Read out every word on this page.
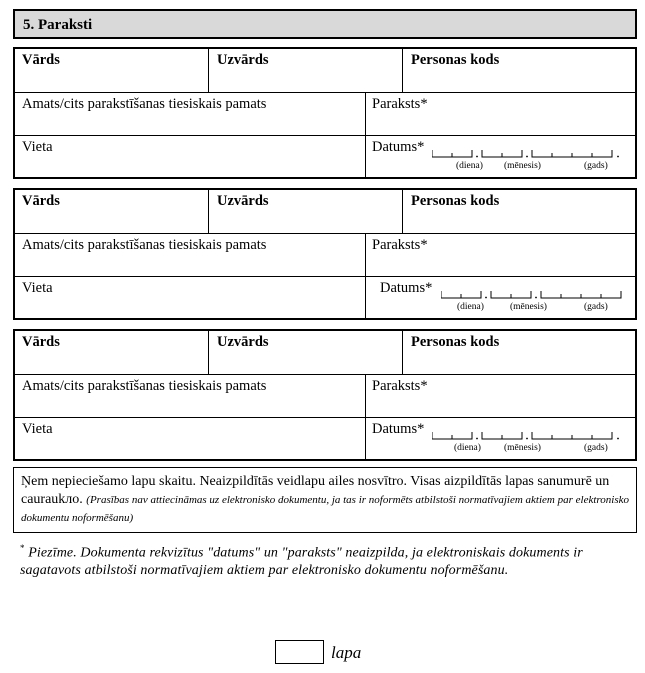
5. Paraksti
Vārds	Uzvārds	Personas kods
Amats/cits parakstīšanas tiesiskais pamats	Paraksts*
Vieta	Datums*
(diena) (mēnesis)	(gads)
Vārds	Uzvārds	Personas kods
Amats/cits parakstīšanas tiesiskais pamats	Paraksts*
Vieta	Datums*
(diena)	(mēnesis)	(gads)
Vārds	Uzvārds	Personas kods
Amats/cits parakstīšanas tiesiskais pamats	Paraksts*
Vieta	Datums*
(diena) (mēnesis)	(gads)
Ņem nepieciešamo lapu skaitu. Neaizpildītās veidlapu ailes nosvītro. Visas aizpildītās lapas sanumurē un cauraukло. (Prasības nav attiecināmas uz elektronisko dokumentu, ja tas ir noformēts atbilstoši normatīvajiem aktiem par elektronisko dokumentu noformēšanu)
* Piezīme. Dokumenta rekvizītus "datums" un "paraksts" neaizpilda, ja elektroniskais dokuments ir sagatavots atbilstoši normatīvajiem aktiem par elektronisko dokumentu noformēšanu.
lapa
